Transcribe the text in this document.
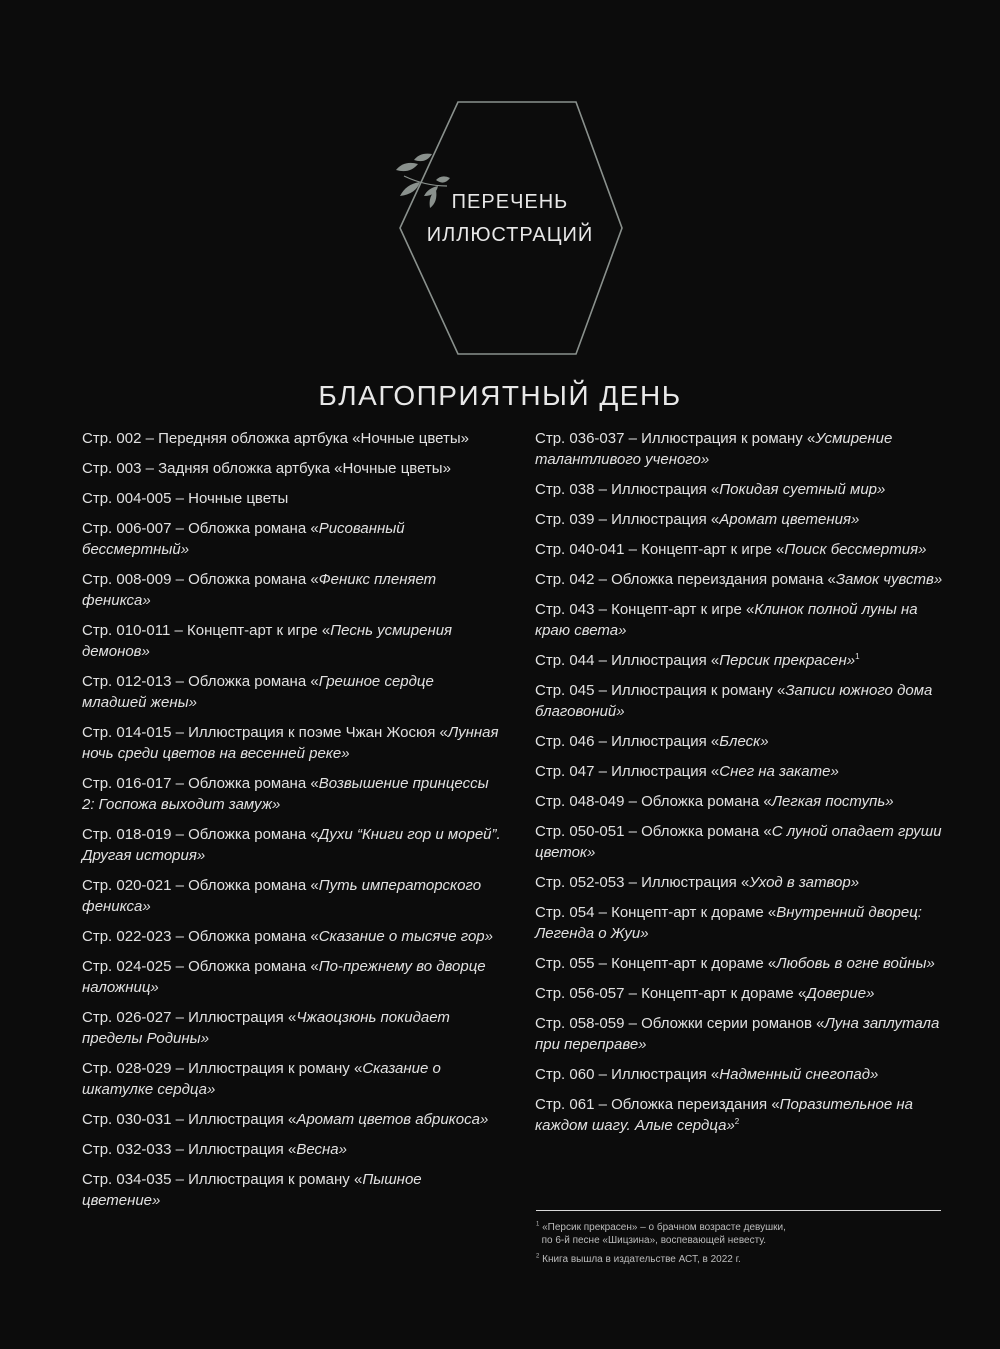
ПЕРЕЧЕНЬ
ИЛЛЮСТРАЦИЙ
БЛАГОПРИЯТНЫЙ ДЕНЬ
Стр. 002 – Передняя обложка артбука «Ночные цветы»
Стр. 003 – Задняя обложка артбука «Ночные цветы»
Стр. 004-005 – Ночные цветы
Стр. 006-007 – Обложка романа «Рисованный бессмертный»
Стр. 008-009 – Обложка романа «Феникс пленяет феникса»
Стр. 010-011 – Концепт-арт к игре «Песнь усмирения демонов»
Стр. 012-013 – Обложка романа «Грешное сердце младшей жены»
Стр. 014-015 – Иллюстрация к поэме Чжан Жосюя «Лунная ночь среди цветов на весенней реке»
Стр. 016-017 – Обложка романа «Возвышение принцессы 2: Госпожа выходит замуж»
Стр. 018-019 – Обложка романа «Духи “Книги гор и морей”. Другая история»
Стр. 020-021 – Обложка романа «Путь императорского феникса»
Стр. 022-023 – Обложка романа «Сказание о тысяче гор»
Стр. 024-025 – Обложка романа «По-прежнему во дворце наложниц»
Стр. 026-027 – Иллюстрация «Чжаоцзюнь покидает пределы Родины»
Стр. 028-029 – Иллюстрация к роману «Сказание о шкатулке сердца»
Стр. 030-031 – Иллюстрация «Аромат цветов абрикоса»
Стр. 032-033 – Иллюстрация «Весна»
Стр. 034-035 – Иллюстрация к роману «Пышное цветение»
Стр. 036-037 – Иллюстрация к роману «Усмирение талантливого ученого»
Стр. 038 – Иллюстрация «Покидая суетный мир»
Стр. 039 – Иллюстрация «Аромат цветения»
Стр. 040-041 – Концепт-арт к игре «Поиск бессмертия»
Стр. 042 – Обложка переиздания романа «Замок чувств»
Стр. 043 – Концепт-арт к игре «Клинок полной луны на краю света»
Стр. 044 – Иллюстрация «Персик прекрасен»$^1$
Стр. 045 – Иллюстрация к роману «Записи южного дома благовоний»
Стр. 046 – Иллюстрация «Блеск»
Стр. 047 – Иллюстрация «Снег на закате»
Стр. 048-049 – Обложка романа «Легкая поступь»
Стр. 050-051 – Обложка романа «С луной опадает груши цветок»
Стр. 052-053 – Иллюстрация «Уход в затвор»
Стр. 054 – Концепт-арт к дораме «Внутренний дворец: Легенда о Жуи»
Стр. 055 – Концепт-арт к дораме «Любовь в огне войны»
Стр. 056-057 – Концепт-арт к дораме «Доверие»
Стр. 058-059 – Обложки серии романов «Луна заплутала при переправе»
Стр. 060 – Иллюстрация «Надменный снегопад»
Стр. 061 – Обложка переиздания «Поразительное на каждом шагу. Алые сердца»$^2$
$^1$ «Персик прекрасен» – о брачном возрасте девушки,
по 6-й песне «Шицзина», воспевающей невесту.
$^2$ Книга вышла в издательстве АСТ, в 2022 г.
